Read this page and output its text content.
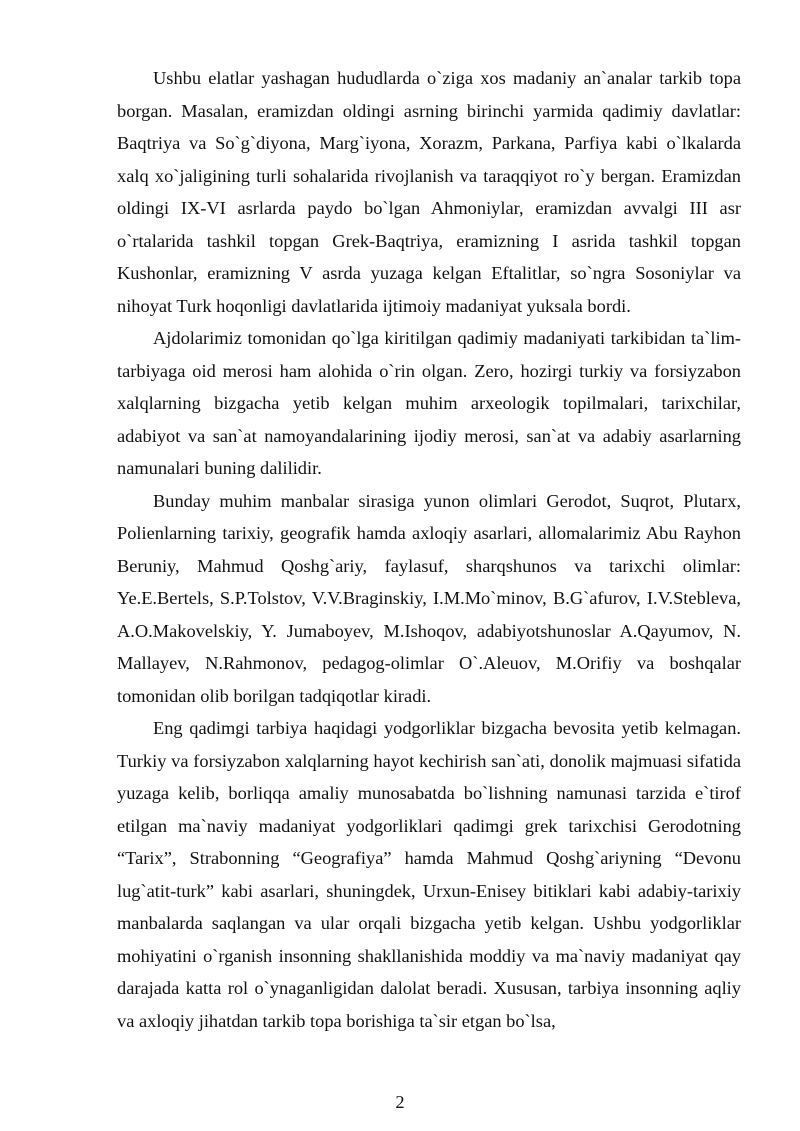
Ushbu elatlar yashagan hududlarda o`ziga xos madaniy an`analar tarkib topa borgan. Masalan, eramizdan oldingi asrning birinchi yarmida qadimiy davlatlar: Baqtriya va So`g`diyona, Marg`iyona, Xorazm, Parkana, Parfiya kabi o`lkalarda xalq xo`jaligining turli sohalarida rivojlanish va taraqqiyot ro`y bergan. Eramizdan oldingi IX-VI asrlarda paydo bo`lgan Ahmoniylar, eramizdan avvalgi III asr o`rtalarida tashkil topgan Grek-Baqtriya, eramizning I asrida tashkil topgan Kushonlar, eramizning V asrda yuzaga kelgan Eftalitlar, so`ngra Sosoniylar va nihoyat Turk hoqonligi davlatlarida ijtimoiy madaniyat yuksala bordi.

Ajdolarimiz tomonidan qo`lga kiritilgan qadimiy madaniyati tarkibidan ta`lim- tarbiyaga oid merosi ham alohida o`rin olgan. Zero, hozirgi turkiy va forsiyzabon xalqlarning bizgacha yetib kelgan muhim arxeologik topilmalari, tarixchilar, adabiyot va san`at namoyandalarining ijodiy merosi, san`at va adabiy asarlarning namunalari buning dalilidir.

Bunday muhim manbalar sirasiga yunon olimlari Gerodot, Suqrot, Plutarx, Polienlarning tarixiy, geografik hamda axloqiy asarlari, allomalarimiz Abu Rayhon Beruniy, Mahmud Qoshg`ariy, faylasuf, sharqshunos va tarixchi olimlar: Ye.E.Bertels, S.P.Tolstov, V.V.Braginskiy, I.M.Mo`minov, B.G`afurov, I.V.Stebleva, A.O.Makovelskiy, Y. Jumaboyev, M.Ishoqov, adabiyotshunoslar A.Qayumov, N. Mallayev, N.Rahmonov, pedagog-olimlar O`.Aleuov, M.Orifiy va boshqalar tomonidan olib borilgan tadqiqotlar kiradi.

Eng qadimgi tarbiya haqidagi yodgorliklar bizgacha bevosita yetib kelmagan. Turkiy va forsiyzabon xalqlarning hayot kechirish san`ati, donolik majmuasi sifatida yuzaga kelib, borliqqa amaliy munosabatda bo`lishning namunasi tarzida e`tirof etilgan ma`naviy madaniyat yodgorliklari qadimgi grek tarixchisi Gerodotning “Tarix”, Strabonning “Geografiya” hamda Mahmud Qoshg`ariyning “Devonu lug`atit-turk” kabi asarlari, shuningdek, Urxun-Enisey bitiklari kabi adabiy-tarixiy manbalarda saqlangan va ular orqali bizgacha yetib kelgan. Ushbu yodgorliklar mohiyatini o`rganish insonning shakllanishida moddiy va ma`naviy madaniyat qay darajada katta rol o`ynaganligidan dalolat beradi. Xususan, tarbiya insonning aqliy va axloqiy jihatdan tarkib topa borishiga ta`sir etgan bo`lsa,

2
